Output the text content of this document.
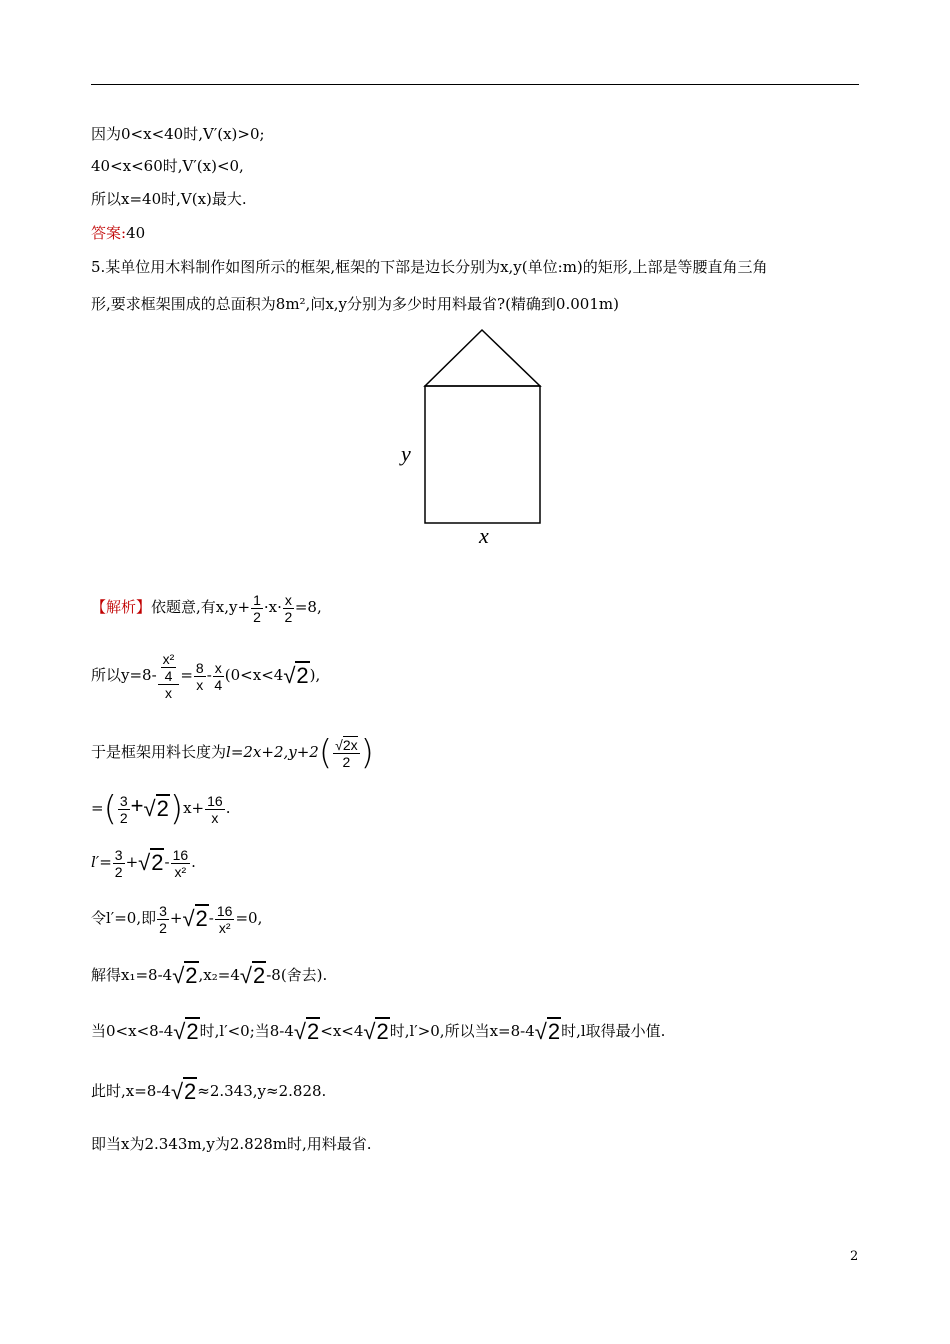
因为0<x<40时,V′(x)>0;
40<x<60时,V′(x)<0,
所以x=40时,V(x)最大.
答案:40
5.某单位用木料制作如图所示的框架,框架的下部是边长分别为x,y(单位:m)的矩形,上部是等腰直角三角
形,要求框架围成的总面积为8m²,问x,y分别为多少时用料最省?(精确到0.001m)
y
x
【解析】依题意,有$x,y+ \frac{1}{2} \cdot x\cdot \frac{x}{2} =8$,
所以$y=8- \frac{\frac{\text{x²}}{4}}{x} = \frac{8}{x} - \frac{x}{4} (0<x<4√2)$,
于是框架用料长度为$l=2x+2,y+2( \frac{√2x}{2}$ )
=( $\frac{3}{2} +√2)x+ \frac{16}{x}$ .
$l'= \frac{3}{2} +√2- \frac{16}{\text{x²}}$ .
令l′=0,即 $\frac{3}{2} +√2- \frac{16}{\text{x²}} =0$,
解得x₁=8-4√2,x₂=4√2-8(舍去).
当0<x<8-4√2时,l′<0;当8-4√2<x<4√2时,l′>0,所以当x=8-4√2时,l取得最小值.
此时,x=8-4√2≈2.343,y≈2.828.
即当x为2.343m,y为2.828m时,用料最省.
2
